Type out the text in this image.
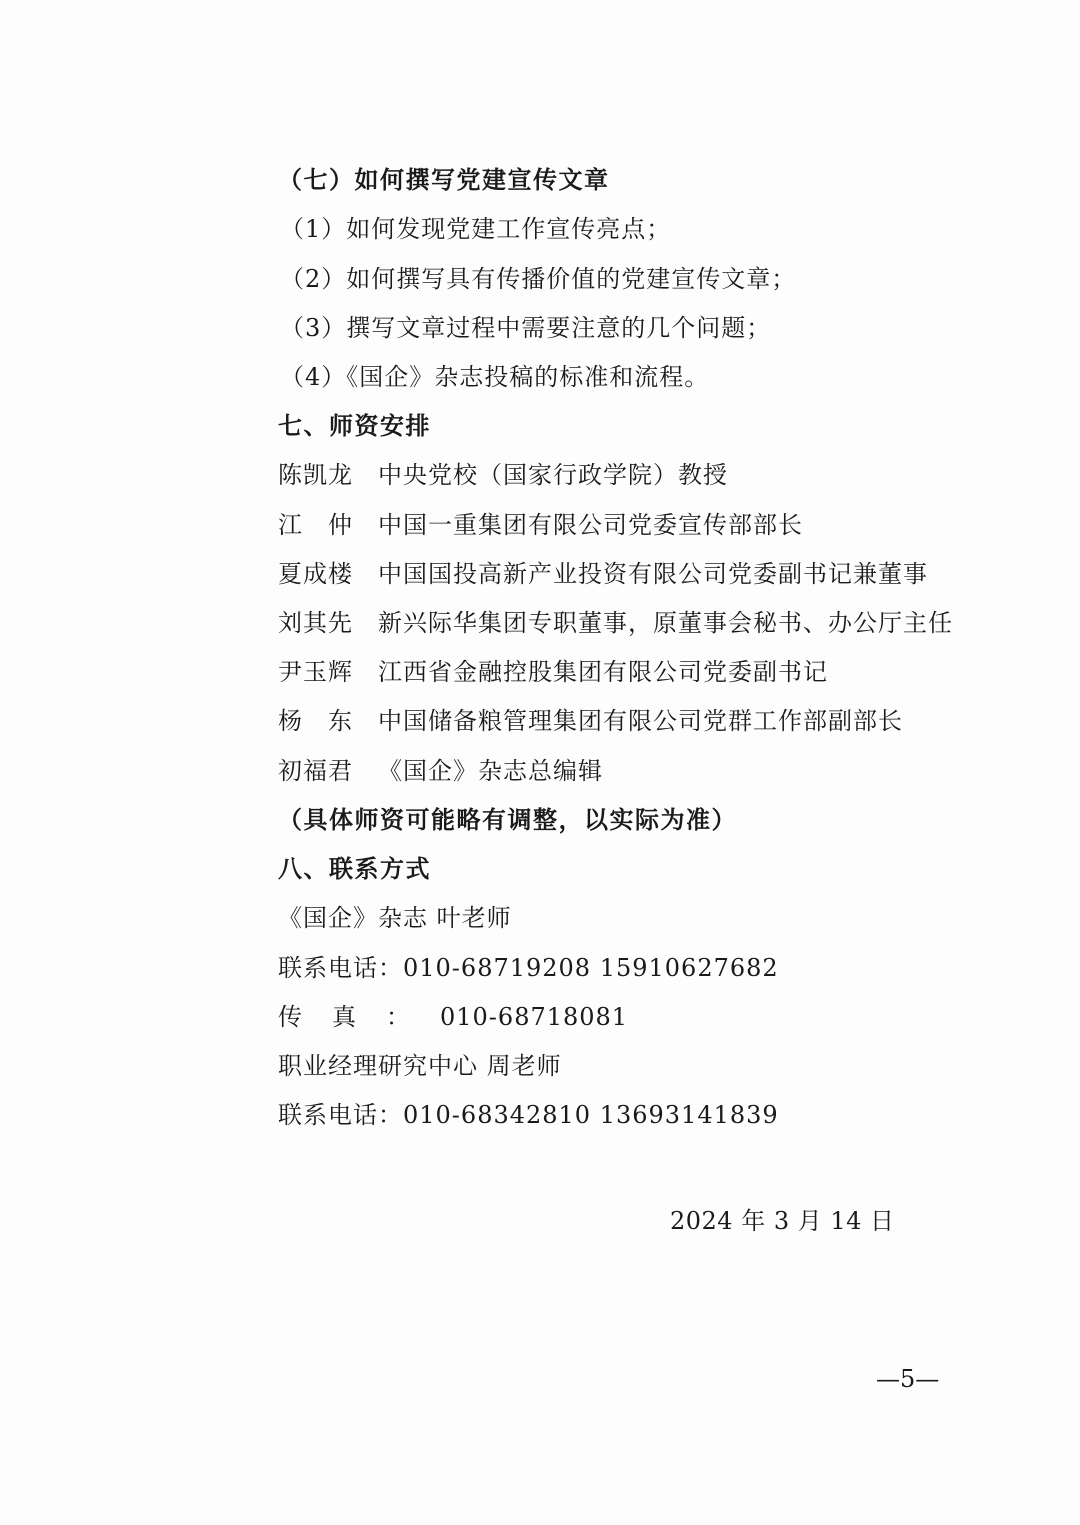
（七）如何撰写党建宣传文章
（1）如何发现党建工作宣传亮点；
（2）如何撰写具有传播价值的党建宣传文章；
（3）撰写文章过程中需要注意的几个问题；
（4）《国企》杂志投稿的标准和流程。
七、师资安排
陈凯龙 中央党校（国家行政学院）教授
江仲中国一重集团有限公司党委宣传部部长
夏成楼 中国国投高新产业投资有限公司党委副书记兼董事
刘其先 新兴际华集团专职董事，原董事会秘书、办公厅主任
尹玉辉 江西省金融控股集团有限公司党委副书记
杨东中国储备粮管理集团有限公司党群工作部副部长
初福君 《国企》杂志总编辑
（具体师资可能略有调整，以实际为准）
八、联系方式
《国企》杂志 叶老师
联系电话：010-68719208 15910627682
传真：010-68718081
职业经理研究中心 周老师
联系电话：010-68342810 13693141839
2024 年 3 月 14 日
—5—
